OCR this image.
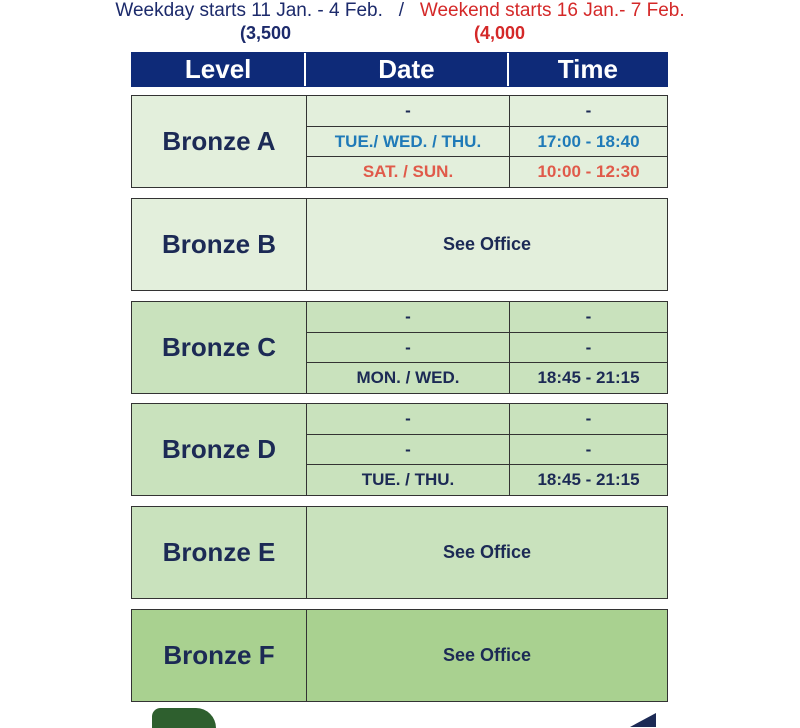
Weekday starts 11 Jan. - 4 Feb. / Weekend starts 16 Jan.- 7 Feb.
(3,500	(4,000
Level	Date	Time
Bronze A
-	-
TUE./ WED. / THU.	17:00 - 18:40
SAT. / SUN.	10:00 - 12:30
Bronze B	See Office
Bronze C
-	-
-	-
MON. / WED.	18:45 - 21:15
Bronze D
-	-
-	-
TUE. / THU.	18:45 - 21:15
Bronze E	See Office
Bronze F	See Office
